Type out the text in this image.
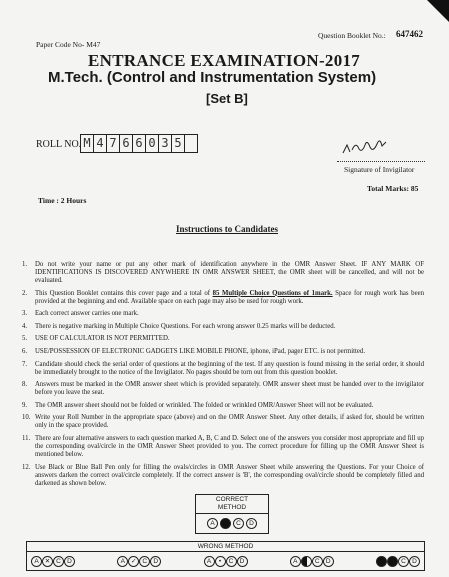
Paper Code No- M47
Question Booklet No.: 647462
ENTRANCE EXAMINATION-2017
M.Tech. (Control and Instrumentation System)
[Set B]
ROLL NO. M 4 7 6 6 0 3 5
Signature of Invigilator
Total Marks: 85
Time : 2 Hours
Instructions to Candidates
1.	Do not write your name or put any other mark of identification anywhere in the OMR Answer Sheet. IF ANY MARK OF IDENTIFICATIONS IS DISCOVERED ANYWHERE IN OMR ANSWER SHEET, the OMR sheet will be cancelled, and will not be evaluated.
2.	This Question Booklet contains this cover page and a total of 85 Multiple Choice Questions of 1mark. Space for rough work has been provided at the beginning and end. Available space on each page may also be used for rough work.
3.	Each correct answer carries one mark.
4.	There is negative marking in Multiple Choice Questions. For each wrong answer 0.25 marks will be deducted.
5.	USE OF CALCULATOR IS NOT PERMITTED.
6.	USE/POSSESSION OF ELECTRONIC GADGETS LIKE MOBILE PHONE, iphone, iPad, pager ETC. is not permitted.
7.	Candidate should check the serial order of questions at the beginning of the test. If any question is found missing in the serial order, it should be immediately brought to the notice of the Invigilator. No pages should be torn out from this question booklet.
8.	Answers must be marked in the OMR answer sheet which is provided separately. OMR answer sheet must be handed over to the invigilator before you leave the seat.
9.	The OMR answer sheet should not be folded or wrinkled. The folded or wrinkled OMR/Answer Sheet will not be evaluated.
10. Write your Roll Number in the appropriate space (above) and on the OMR Answer Sheet. Any other details, if asked for, should be written only in the space provided.
11. There are four alternative answers to each question marked A, B, C and D. Select one of the answers you consider most appropriate and fill up the corresponding oval/circle in the OMR Answer Sheet provided to you. The correct procedure for filling up the OMR Answer Sheet is mentioned below.
12. Use Black or Blue Ball Pen only for filling the ovals/circles in OMR Answer Sheet while answering the Questions. For your Choice of answers darken the correct oval/circle completely. If the correct answer is 'B', the corresponding oval/circle should be completely filled and darkened as shown below.
CORRECT METHOD
A	C	D
WRONG METHOD
A ✕ C D	A ✓ C D	A	•	C D	A	C D	C D
